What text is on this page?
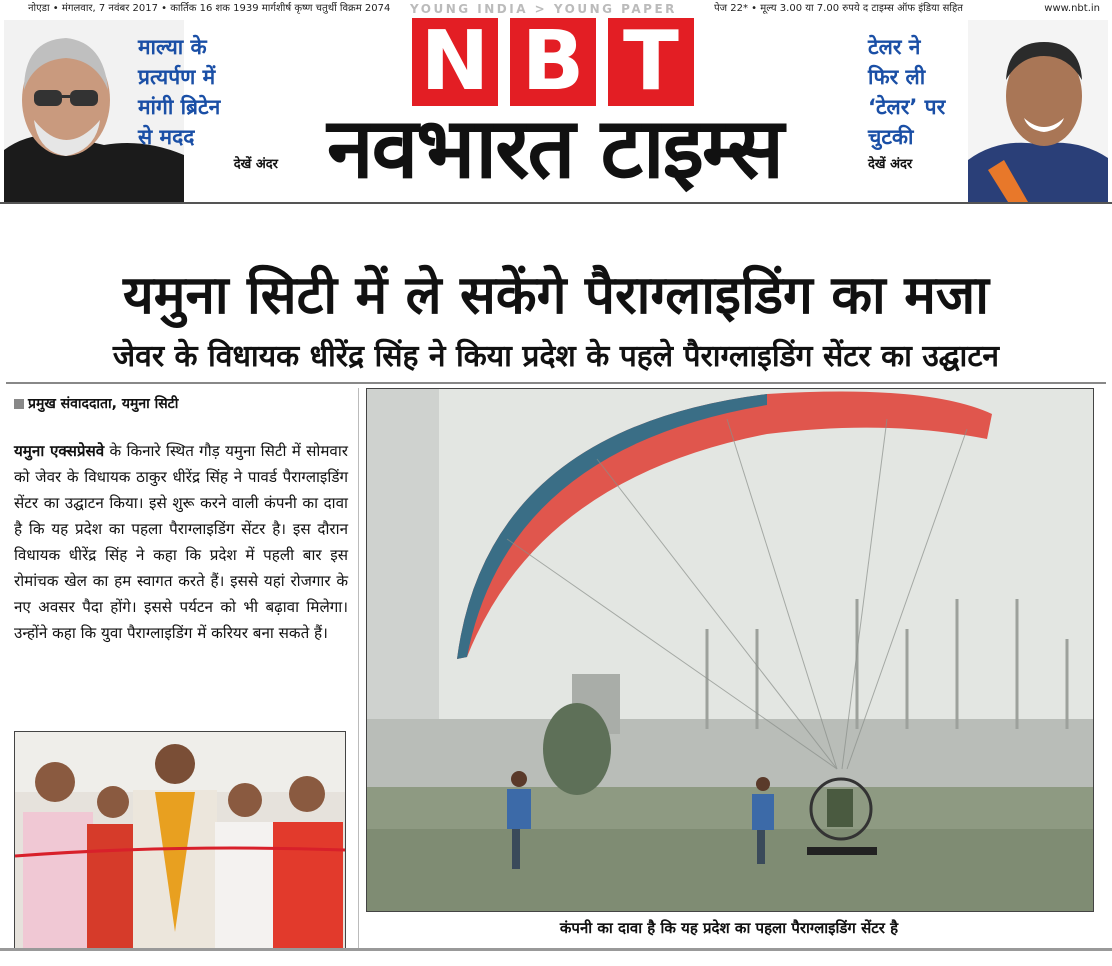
नोएडा • मंगलवार, 7 नवंबर 2017 • कार्तिक 16 शक 1939 मार्गशीर्ष कृष्ण चतुर्थी विक्रम 2074 YOUNG INDIA > YOUNG PAPER	पेज 22* • मूल्य 3.00 या 7.00 रुपये द टाइम्स ऑफ इंडिया सहित	www.nbt.in
माल्या के
प्रत्यर्पण में
मांगी ब्रिटेन
से मदद
देखें अंदर
N B T
नवभारत टाइम्स
टेलर ने
फिर ली
‘टेलर’ पर
चुटकी
देखें अंदर
यमुना सिटी में ले सकेंगे पैराग्लाइडिंग का मजा
जेवर के विधायक धीरेंद्र सिंह ने किया प्रदेश के पहले पैराग्लाइडिंग सेंटर का उद्घाटन
प्रमुख संवाददाता, यमुना सिटी
यमुना एक्सप्रेसवे के किनारे स्थित गौड़ यमुना सिटी में सोमवार को जेवर के विधायक ठाकुर धीरेंद्र सिंह ने पावर्ड पैराग्लाइडिंग सेंटर का उद्घाटन किया। इसे शुरू करने वाली कंपनी का दावा है कि यह प्रदेश का पहला पैराग्लाइडिंग सेंटर है। इस दौरान विधायक धीरेंद्र सिंह ने कहा कि प्रदेश में पहली बार इस रोमांचक खेल का हम स्वागत करते हैं। इससे यहां रोजगार के नए अवसर पैदा होंगे। इससे पर्यटन को भी बढ़ावा मिलेगा। उन्होंने कहा कि युवा पैराग्लाइडिंग में करियर बना सकते हैं।
कंपनी का दावा है कि यह प्रदेश का पहला पैराग्लाइडिंग सेंटर है
